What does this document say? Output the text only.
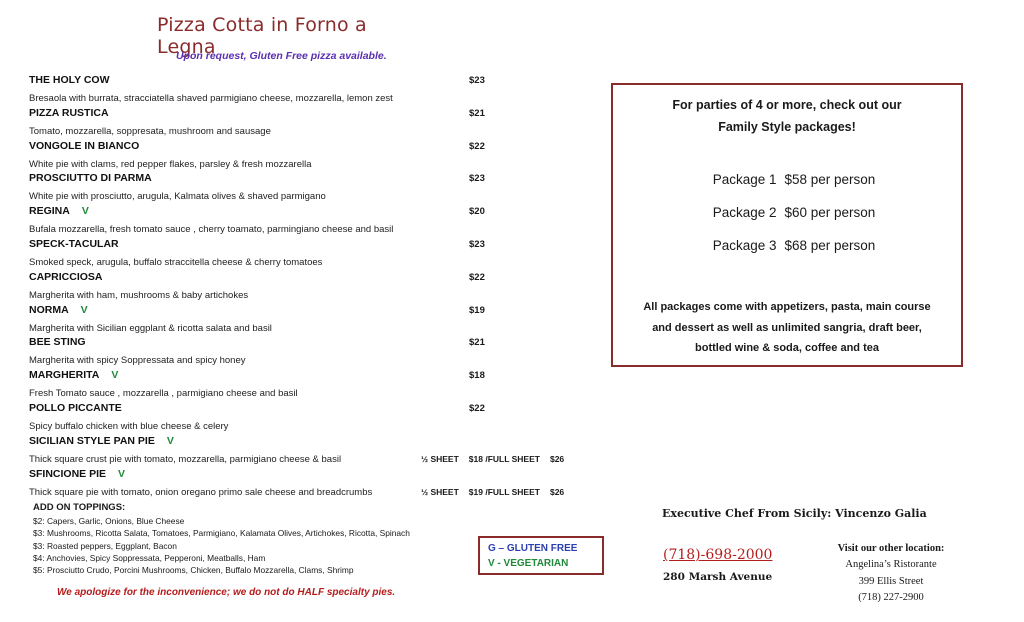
Pizza Cotta in Forno a Legna
Upon request, Gluten Free pizza available.
THE HOLY COW	$23
Bresaola with burrata, stracciatella shaved parmigiano cheese, mozzarella, lemon zest
PIZZA RUSTICA	$21
Tomato, mozzarella, soppresata, mushroom and sausage
VONGOLE IN BIANCO	$22
White pie with clams, red pepper flakes, parsley & fresh mozzarella
PROSCIUTTO DI PARMA	$23
White pie with prosciutto, arugula, Kalmata olives & shaved parmigano
REGINA V	$20
Bufala mozzarella, fresh tomato sauce , cherry toamato, parmingiano cheese and basil
SPECK-TACULAR	$23
Smoked speck, arugula, buffalo straccitella cheese & cherry tomatoes
CAPRICCIOSA	$22
Margherita with ham, mushrooms & baby artichokes
NORMA V	$19
Margherita with Sicilian eggplant & ricotta salata and basil
BEE STING	$21
Margherita with spicy Soppressata and spicy honey
MARGHERITA V	$18
Fresh Tomato sauce , mozzarella , parmigiano cheese and basil
POLLO PICCANTE	$22
Spicy buffalo chicken with blue cheese & celery
SICILIAN STYLE PAN PIE V
Thick square crust pie with tomato, mozzarella, parmigiano cheese & basil	½ SHEET $18 /FULL SHEET $26
SFINCIONE PIE V
Thick square pie with tomato, onion oregano primo sale cheese and breadcrumbs	½ SHEET $19 /FULL SHEET $26
ADD ON TOPPINGS:
$2: Capers, Garlic, Onions, Blue Cheese
$3: Mushrooms, Ricotta Salata, Tomatoes, Parmigiano, Kalamata Olives, Artichokes, Ricotta, Spinach
$3: Roasted peppers, Eggplant, Bacon
$4: Anchovies, Spicy Soppressata, Pepperoni, Meatballs, Ham
$5: Prosciutto Crudo, Porcini Mushrooms, Chicken, Buffalo Mozzarella, Clams, Shrimp
We apologize for the inconvenience; we do not do HALF specialty pies.
G – GLUTEN FREE
V - VEGETARIAN
For parties of 4 or more, check out our
Family Style packages!
Package 1 $58 per person
Package 2 $60 per person
Package 3 $68 per person
All packages come with appetizers, pasta, main course
and dessert as well as unlimited sangria, draft beer,
bottled wine & soda, coffee and tea
Executive Chef From Sicily: Vincenzo Galia
(718)-698-2000
280 Marsh Avenue
Visit our other location:
Angelina’s Ristorante
399 Ellis Street
(718) 227-2900
